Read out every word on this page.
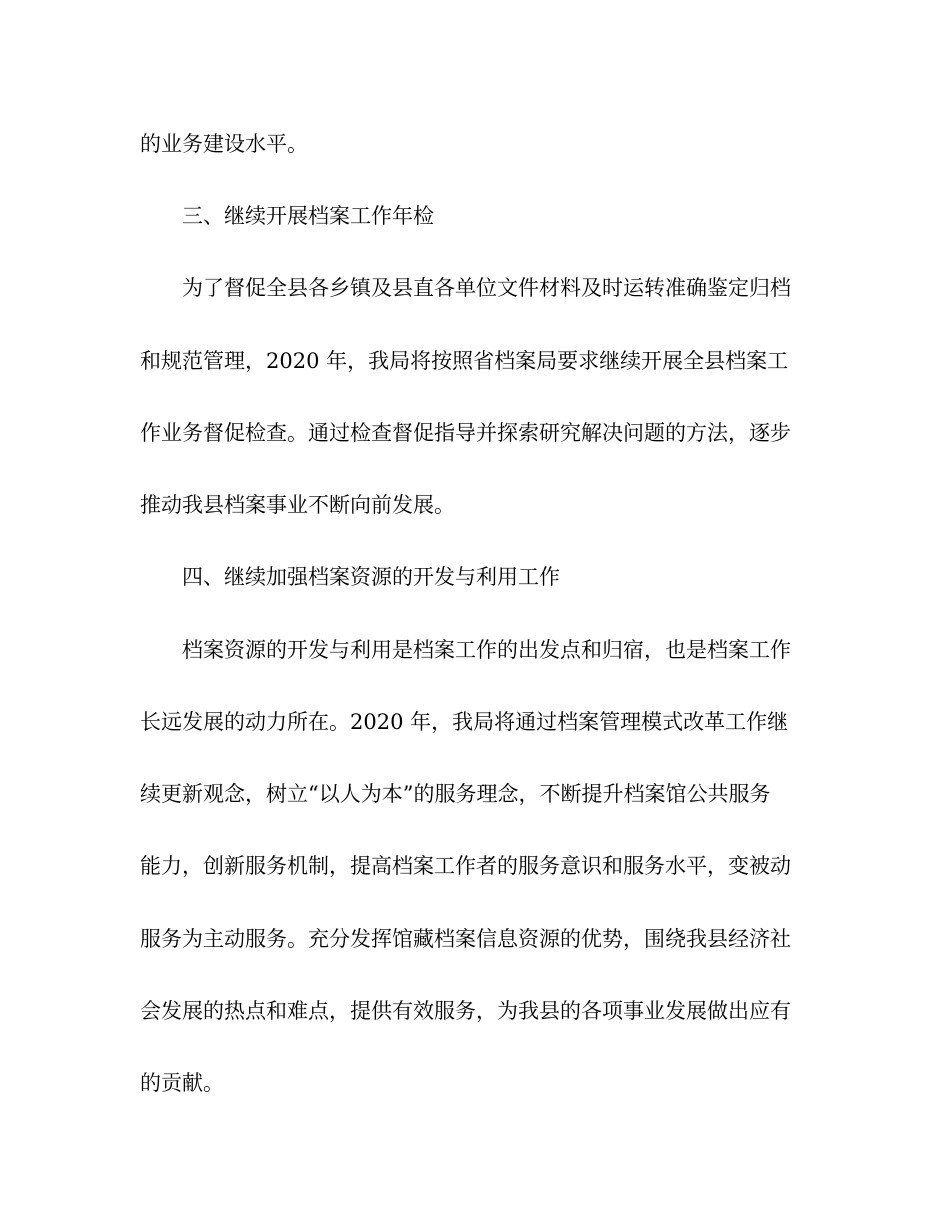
的业务建设水平。
三、继续开展档案工作年检
为了督促全县各乡镇及县直各单位文件材料及时运转准确鉴定归档
和规范管理，2020 年，我局将按照省档案局要求继续开展全县档案工
作业务督促检查。通过检查督促指导并探索研究解决问题的方法，逐步
推动我县档案事业不断向前发展。
四、继续加强档案资源的开发与利用工作
档案资源的开发与利用是档案工作的出发点和归宿，也是档案工作
长远发展的动力所在。2020 年，我局将通过档案管理模式改革工作继
续更新观念，树立“以人为本”的服务理念，不断提升档案馆公共服务
能力，创新服务机制，提高档案工作者的服务意识和服务水平，变被动
服务为主动服务。充分发挥馆藏档案信息资源的优势，围绕我县经济社
会发展的热点和难点，提供有效服务，为我县的各项事业发展做出应有
的贡献。
